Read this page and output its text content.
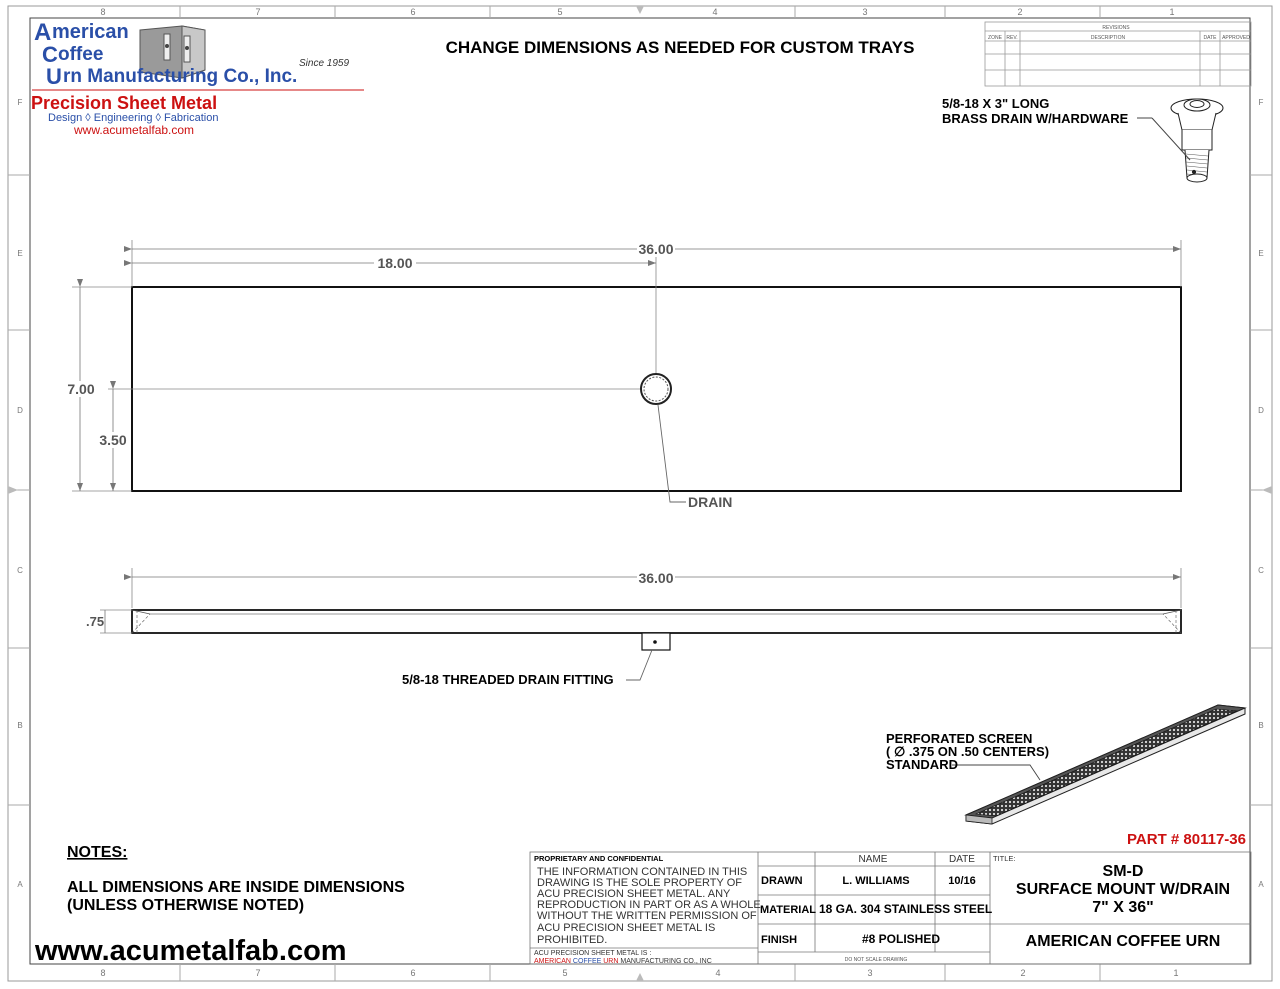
8	7	6	5	4	3	2	1
8	7	6	5	4	3	2	1
F
E
D
C
B
A
F
E
D
C
B
A
A merican
C offee	Since 1959
U rn Manufacturing Co., Inc.
Precision Sheet Metal
Design ◊ Engineering ◊ Fabrication
www.acumetalfab.com
CHANGE DIMENSIONS AS NEEDED FOR CUSTOM TRAYS
REVISIONS
ZONE REV.	DESCRIPTION	DATE APPROVED
5/8-18 X 3" LONG
BRASS DRAIN W/HARDWARE
36.00
18.00
7.00
3.50
DRAIN
36.00
.75
5/8-18 THREADED DRAIN FITTING
PERFORATED SCREEN
( ∅ .375 ON .50 CENTERS)
STANDARD
PART # 80117-36
NOTES:
ALL DIMENSIONS ARE INSIDE DIMENSIONS
(UNLESS OTHERWISE NOTED)
www.acumetalfab.com
PROPRIETARY AND CONFIDENTIAL
THE INFORMATION CONTAINED IN THIS
DRAWING IS THE SOLE PROPERTY OF
ACU PRECISION SHEET METAL. ANY
REPRODUCTION IN PART OR AS A WHOLE
WITHOUT THE WRITTEN PERMISSION OF
ACU PRECISION SHEET METAL IS
PROHIBITED.
ACU PRECISION SHEET METAL IS :
AMERICAN COFFEE URN MANUFACTURING CO., INC
NAME	DATE
DRAWN	L. WILLIAMS	10/16
MATERIAL 18 GA. 304 STAINLESS STEEL
FINISH	#8 POLISHED
DO NOT SCALE DRAWING
TITLE:
SM-D
SURFACE MOUNT W/DRAIN
7" X 36"
AMERICAN COFFEE URN
